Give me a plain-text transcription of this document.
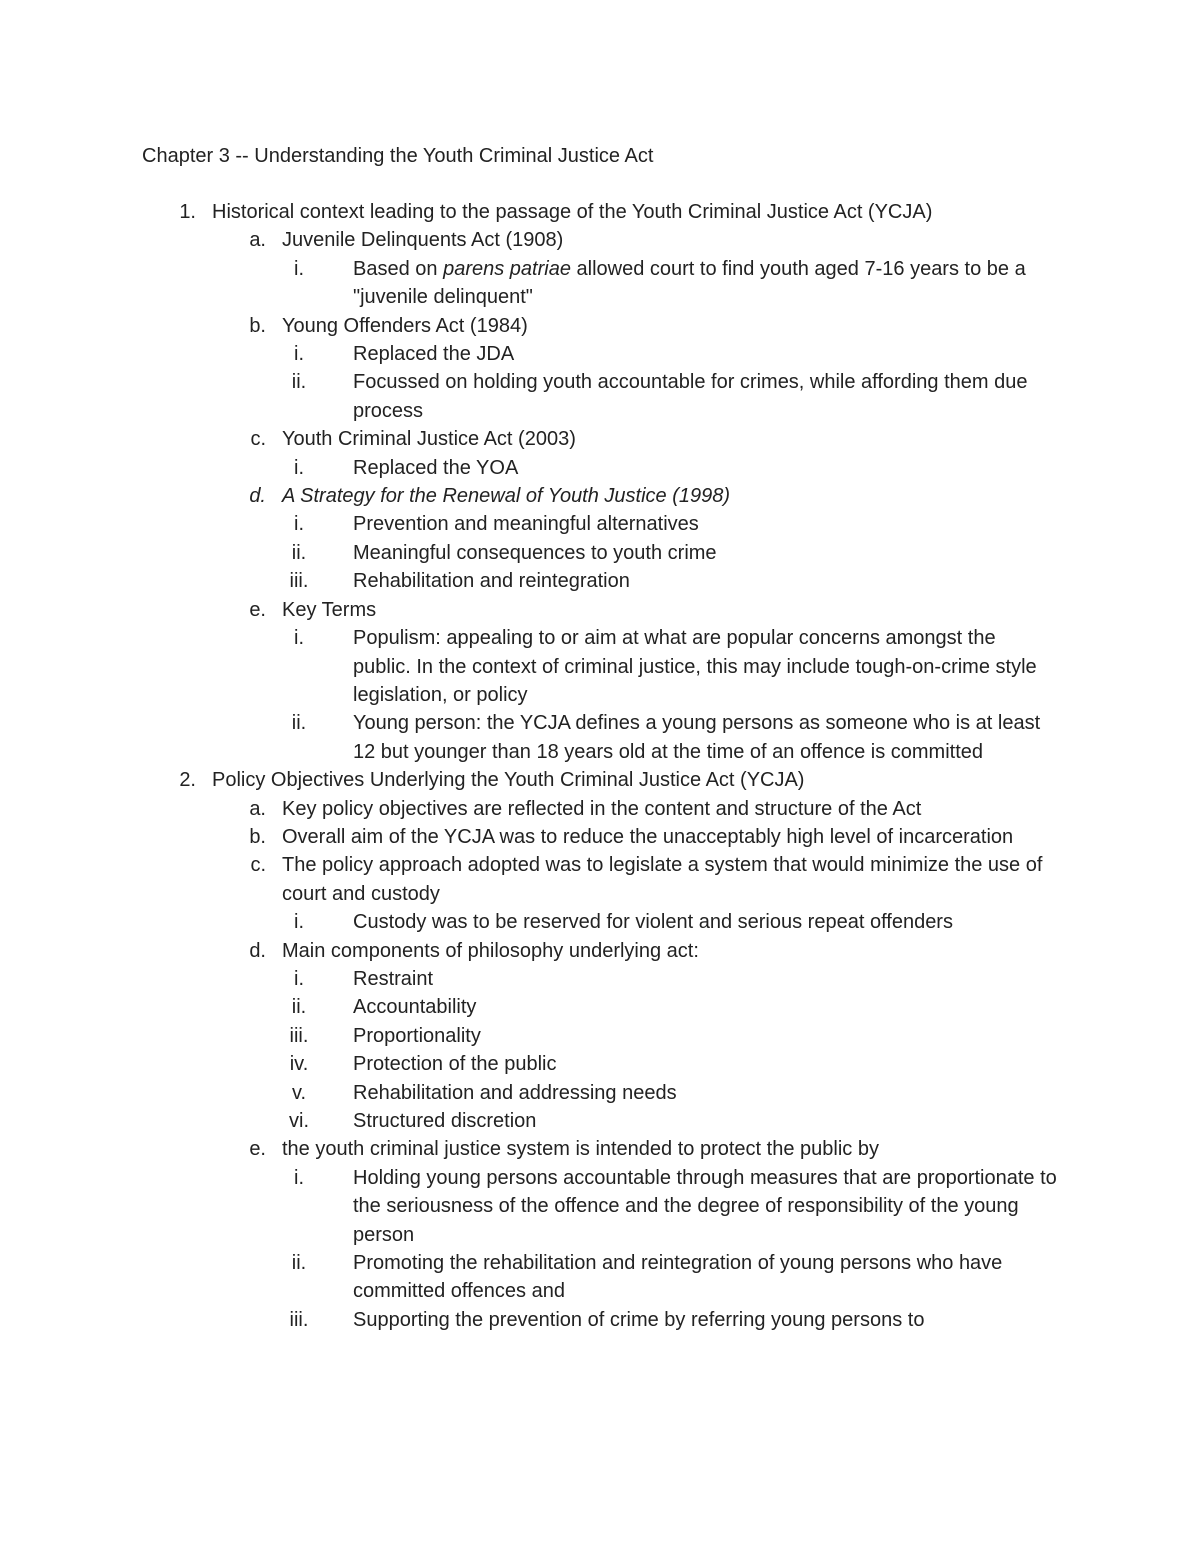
Chapter 3 -- Understanding the Youth Criminal Justice Act
1. Historical context leading to the passage of the Youth Criminal Justice Act (YCJA)
a. Juvenile Delinquents Act (1908)
i.	Based on parens patriae allowed court to find youth aged 7-16 years to be a "juvenile delinquent"
b. Young Offenders Act (1984)
i.	Replaced the JDA
ii.	Focussed on holding youth accountable for crimes, while affording them due process
c. Youth Criminal Justice Act (2003)
i.	Replaced the YOA
d. A Strategy for the Renewal of Youth Justice (1998)
i.	Prevention and meaningful alternatives
ii.	Meaningful consequences to youth crime
iii.	Rehabilitation and reintegration
e. Key Terms
i.	Populism: appealing to or aim at what are popular concerns amongst the public. In the context of criminal justice, this may include tough-on-crime style legislation, or policy
ii.	Young person: the YCJA defines a young persons as someone who is at least 12 but younger than 18 years old at the time of an offence is committed
2. Policy Objectives Underlying the Youth Criminal Justice Act (YCJA)
a. Key policy objectives are reflected in the content and structure of the Act
b. Overall aim of the YCJA was to reduce the unacceptably high level of incarceration
c. The policy approach adopted was to legislate a system that would minimize the use of court and custody
i.	Custody was to be reserved for violent and serious repeat offenders
d. Main components of philosophy underlying act:
i.	Restraint
ii.	Accountability
iii.	Proportionality
iv.	Protection of the public
v.	Rehabilitation and addressing needs
vi.	Structured discretion
e. the youth criminal justice system is intended to protect the public by
i.	Holding young persons accountable through measures that are proportionate to the seriousness of the offence and the degree of responsibility of the young person
ii.	Promoting the rehabilitation and reintegration of young persons who have committed offences and
iii.	Supporting the prevention of crime by referring young persons to
